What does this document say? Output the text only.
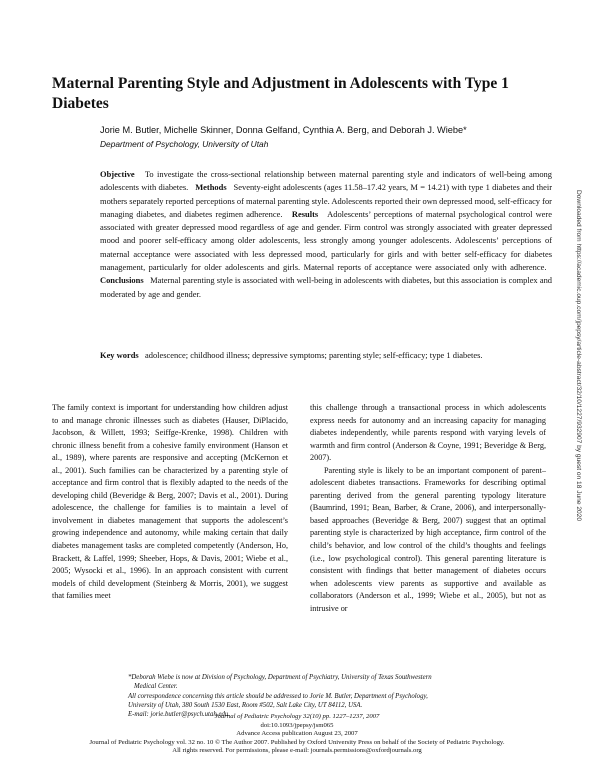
Maternal Parenting Style and Adjustment in Adolescents with Type 1 Diabetes
Jorie M. Butler, Michelle Skinner, Donna Gelfand, Cynthia A. Berg, and Deborah J. Wiebe*
Department of Psychology, University of Utah
Objective To investigate the cross-sectional relationship between maternal parenting style and indicators of well-being among adolescents with diabetes. Methods Seventy-eight adolescents (ages 11.58–17.42 years, M = 14.21) with type 1 diabetes and their mothers separately reported perceptions of maternal parenting style. Adolescents reported their own depressed mood, self-efficacy for managing diabetes, and diabetes regimen adherence. Results Adolescents’ perceptions of maternal psychological control were associated with greater depressed mood regardless of age and gender. Firm control was strongly associated with greater depressed mood and poorer self-efficacy among older adolescents, less strongly among younger adolescents. Adolescents’ perceptions of maternal acceptance were associated with less depressed mood, particularly for girls and with better self-efficacy for diabetes management, particularly for older adolescents and girls. Maternal reports of acceptance were associated only with adherence.   Conclusions Maternal parenting style is associated with well-being in adolescents with diabetes, but this association is complex and moderated by age and gender.
Key words adolescence; childhood illness; depressive symptoms; parenting style; self-efficacy; type 1 diabetes.

The family context is important for understanding how children adjust to and manage chronic illnesses such as diabetes (Hauser, DiPlacido, Jacobson, & Willett, 1993; Seiffge-Krenke, 1998). Children with chronic illness benefit from a cohesive family environment (Hanson et al., 1989), where parents are responsive and accepting (McKernon et al., 2001). Such families can be characterized by a parenting style of acceptance and firm control that is flexibly adapted to the needs of the developing child (Beveridge & Berg, 2007; Davis et al., 2001). During adolescence, the challenge for families is to maintain a level of involvement in diabetes management that supports the adolescent’s growing independence and autonomy, while making certain that daily diabetes management tasks are completed competently (Anderson, Ho, Brackett, & Laffel, 1999; Sheeber, Hops, & Davis, 2001; Wiebe et al., 2005; Wysocki et al., 1996). In an approach consistent with current models of child development (Steinberg & Morris, 2001), we suggest that families meet

this challenge through a transactional process in which adolescents express needs for autonomy and an increasing capacity for managing diabetes independently, while parents respond with varying levels of warmth and firm control (Anderson & Coyne, 1991; Beveridge & Berg, 2007).

Parenting style is likely to be an important component of parent–adolescent diabetes transactions. Frameworks for describing optimal parenting derived from the general parenting typology literature (Baumrind, 1991; Bean, Barber, & Crane, 2006), and interpersonally-based approaches (Beveridge & Berg, 2007) suggest that an optimal parenting style is characterized by high acceptance, firm control of the child’s behavior, and low control of the child’s thoughts and feelings (i.e., low psychological control). This general parenting literature is consistent with findings that better management of diabetes occurs when adolescents view parents as supportive and available as collaborators (Anderson et al., 1999; Wiebe et al., 2005), but not as intrusive or

*Deborah Wiebe is now at Division of Psychology, Department of Psychiatry, University of Texas Southwestern

Medical Center.

All correspondence concerning this article should be addressed to Jorie M. Butler, Department of Psychology,

University of Utah, 380 South 1530 East, Room #502, Salt Lake City, UT 84112, USA.

E-mail: jorie.butler@psych.utah.edu.

Journal of Pediatric Psychology 32(10) pp. 1227–1237, 2007
doi:10.1093/jpepsy/jsm065
Advance Access publication August 23, 2007
Journal of Pediatric Psychology vol. 32 no. 10 © The Author 2007. Published by Oxford University Press on behalf of the Society of Pediatric Psychology.
All rights reserved. For permissions, please e-mail: journals.permissions@oxfordjournals.org
Downloaded from https://academic.oup.com/jpepsy/article-abstract/32/10/1227/932907 by guest on 18 June 2020
